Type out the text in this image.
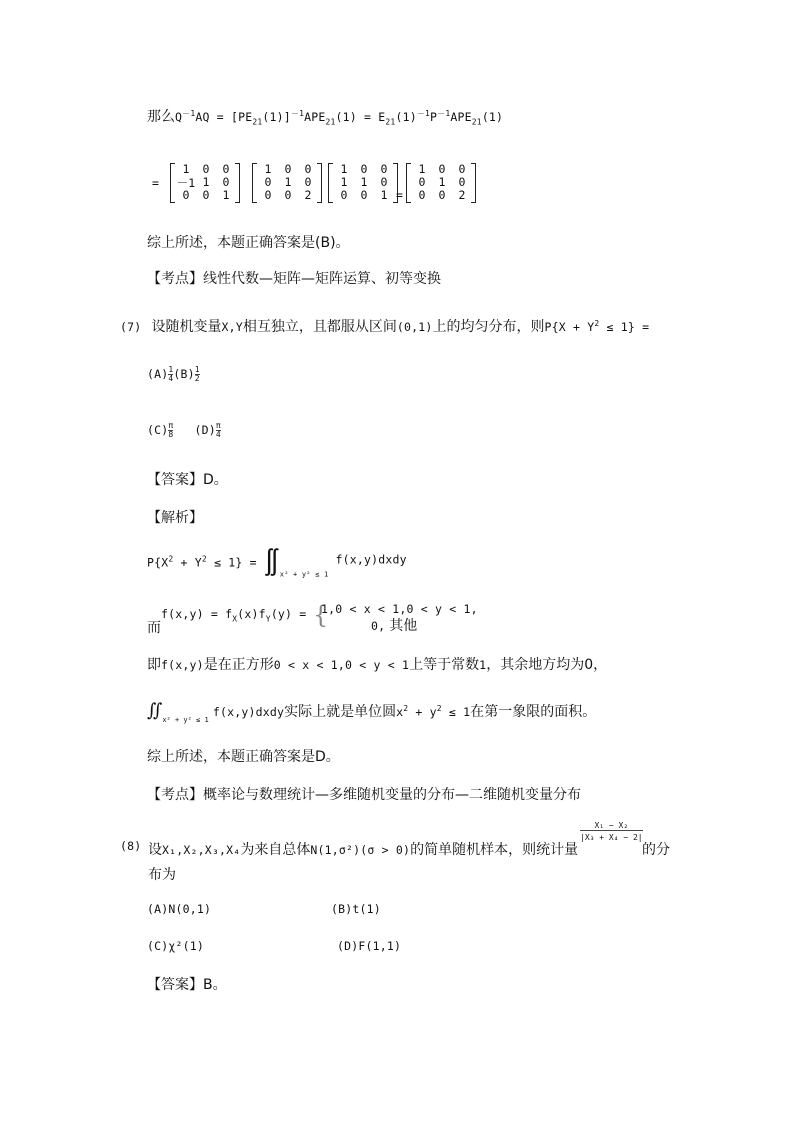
那么$Q^{-1}AQ = [PE_{21}(1)]^{-1}APE_{21}(1) = E_{21}(1)^{-1}P^{-1}APE_{21}(1)$
=
1	0	0
－1 1	0
0	0	1
1	0	0
0	1	0
0	0	2
1	0	0
1	1	0
0	0	1
1	0	0
0	1	0
0	0	2
=
综上所述，本题正确答案是(B)。
【考点】线性代数—矩阵—矩阵运算、初等变换
(7) 设随机变量X,Y相互独立，且都服从区间(0,1)上的均匀分布，则$P\{X + Y^2 \le 1\}$ =
$(A) \frac{1}{4} (B) \frac{1}{2}$
$(C) \frac{\pi}{8} (D) \frac{\pi}{4}$
【答案】D。
【解析】
$P\{X^2 + Y^2 \le 1\}$ = $∬_{x^2 + y^2 \le 1}$ f(x,y)dxdy
而
$f(x,y) = f_X(x)f_Y(y)$ = {
1,0 < x < 1,0 < y < 1,
0, 其他
即f(x,y)是在正方形0 < x < 1,0 < y < 1上等于常数1，其余地方均为0，
$∬_{x^2 + y^2 \le 1}$ f(x,y)dxdy实际上就是单位圆$x^2 + y^2 \le 1$在第一象限的面积。
综上所述，本题正确答案是D。
【考点】概率论与数理统计—多维随机变量的分布—二维随机变量分布
(8) 设X₁,X₂,X₃,X₄为来自总体N(1,σ²)(σ > 0)的简单随机样本，则统计量
$\frac{\text{X₁ − X₂}}{\text{|X₃ + X₄ − 2|}}$
的分
布为
(A)N(0,1)	(B)t(1)
(C)χ²(1)	(D)F(1,1)
【答案】B。
